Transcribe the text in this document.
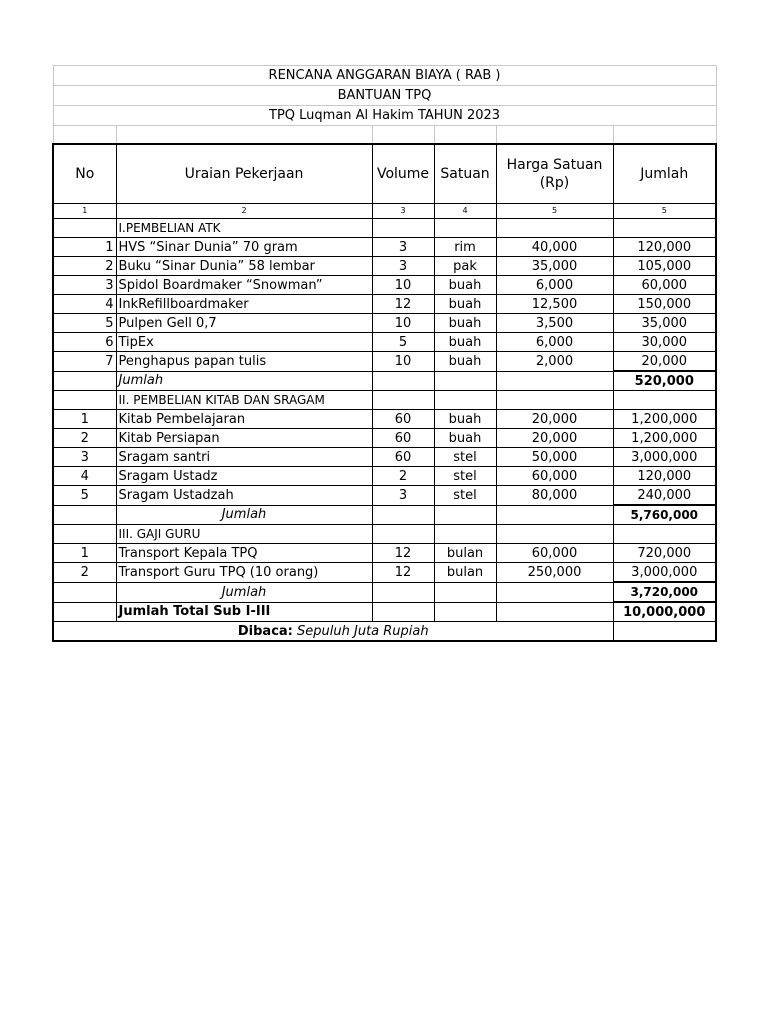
RENCANA ANGGARAN BIAYA ( RAB )					
BANTUAN TPQ					
TPQ Luqman Al Hakim TAHUN 2023					

No	Uraian Pekerjaan	Volume	Satuan	Harga Satuan (Rp)	Jumlah
1	2	3	4	5	5
	I.PEMBELIAN ATK				
1	HVS “Sinar Dunia” 70 gram	3	rim	40,000	120,000
2	Buku “Sinar Dunia” 58 lembar	3	pak	35,000	105,000
3	Spidol Boardmaker “Snowman”	10	buah	6,000	60,000
4	InkRefillboardmaker	12	buah	12,500	150,000
5	Pulpen Gell 0,7	10	buah	3,500	35,000
6	TipEx	5	buah	6,000	30,000
7	Penghapus papan tulis	10	buah	2,000	20,000
	Jumlah				520,000
	II. PEMBELIAN KITAB DAN SRAGAM				
1	Kitab Pembelajaran	60	buah	20,000	1,200,000
2	Kitab Persiapan	60	buah	20,000	1,200,000
3	Sragam santri	60	stel	50,000	3,000,000
4	Sragam Ustadz	2	stel	60,000	120,000
5	Sragam Ustadzah	3	stel	80,000	240,000
	Jumlah				5,760,000
	III. GAJI GURU				
1	Transport Kepala TPQ	12	bulan	60,000	720,000
2	Transport Guru TPQ (10 orang)	12	bulan	250,000	3,000,000
	Jumlah				3,720,000
	Jumlah Total Sub I-III				10,000,000
Dibaca: Sepuluh Juta Rupiah					
